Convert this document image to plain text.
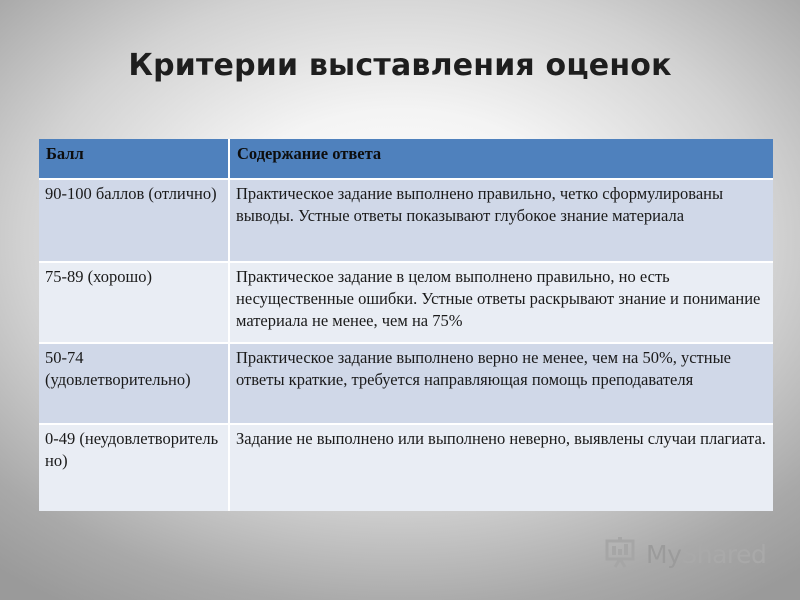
Критерии выставления оценок
Балл	Содержание ответа
90-100 баллов (отлично)	Практическое задание выполнено правильно, четко сформулированы выводы. Устные ответы показывают глубокое знание материала
75-89 (хорошо)	Практическое задание в целом выполнено правильно, но есть несущественные ошибки. Устные ответы раскрывают знание и понимание материала не менее, чем на 75%
50-74 (удовлетворительно)	Практическое задание выполнено верно не менее, чем на 50%, устные ответы краткие, требуется направляющая помощь преподавателя
0-49 (неудовлетворитель но)	Задание не выполнено или выполнено неверно, выявлены случаи плагиата.
MyShared
